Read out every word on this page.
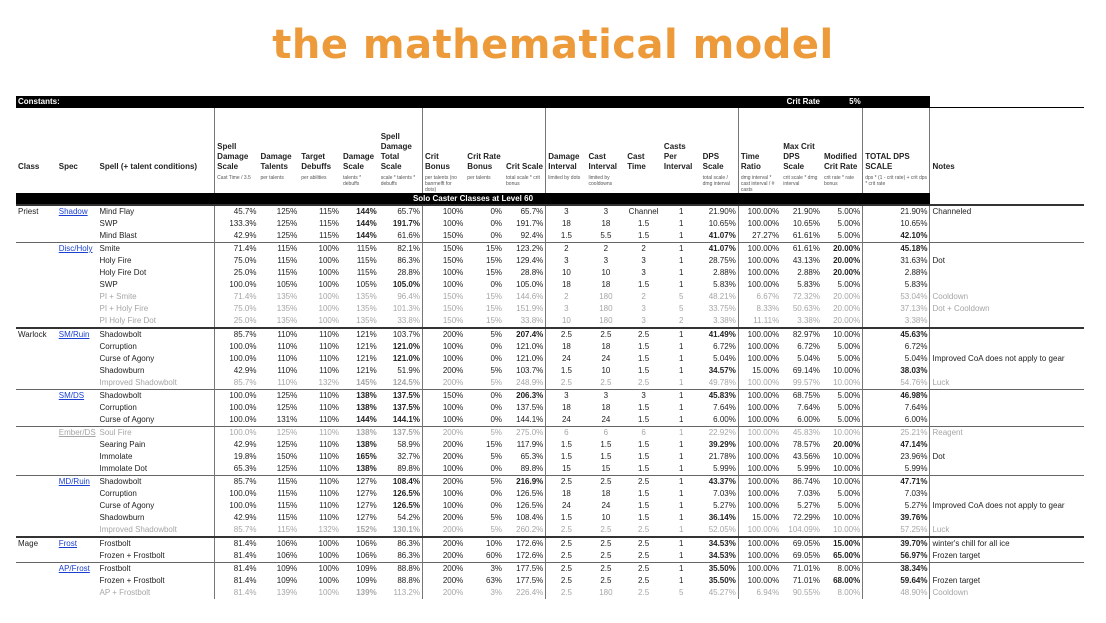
the mathematical model
Constants:																	Crit Rate	5%		
Class	Spec	Spell (+ talent conditions)	Spell Damage Scale	Damage Talents	Target Debuffs	Damage Scale	Spell Damage Total Scale	Crit Bonus	Crit Rate Bonus	Crit Scale	Damage Interval	Cast Interval	Cast Time	Casts Per Interval	DPS Scale	Time Ratio	Max Crit DPS Scale	Modified Crit Rate	TOTAL DPS SCALE	Notes
			Cast Time / 3.5	per talents	per abilities	talents * debuffs	scale * talents * debuffs	per talents (no banrnelft for dots)	per talents	total scale * crit bonus	limited by dots	limited by cooldowns			total scale / dmg interval	dmg interval * cast interval / # casts	crit scale * dmg interval	crit rate * rate bonus	dps * (1 - crit rate) + crit dps * crit rate	
Solo Caster Classes at Level 60																				
Priest	Shadow	Mind Flay	45.7%	125%	115%	144%	65.7%	100%	0%	65.7%	3	3	Channel	1	21.90%	100.00%	21.90%	5.00%	21.90%	Channeled
		SWP	133.3%	125%	115%	144%	191.7%	100%	0%	191.7%	18	18	1.5	1	10.65%	100.00%	10.65%	5.00%	10.65%	
		Mind Blast	42.9%	125%	115%	144%	61.6%	150%	0%	92.4%	1.5	5.5	1.5	1	41.07%	27.27%	61.61%	5.00%	42.10%	
	Disc/Holy	Smite	71.4%	115%	100%	115%	82.1%	150%	15%	123.2%	2	2	2	1	41.07%	100.00%	61.61%	20.00%	45.18%	
		Holy Fire	75.0%	115%	100%	115%	86.3%	150%	15%	129.4%	3	3	3	1	28.75%	100.00%	43.13%	20.00%	31.63%	Dot
		Holy Fire Dot	25.0%	115%	100%	115%	28.8%	100%	15%	28.8%	10	10	3	1	2.88%	100.00%	2.88%	20.00%	2.88%	
		SWP	100.0%	105%	100%	105%	105.0%	100%	0%	105.0%	18	18	1.5	1	5.83%	100.00%	5.83%	5.00%	5.83%	
		PI + Smite	71.4%	135%	100%	135%	96.4%	150%	15%	144.6%	2	180	2	5	48.21%	6.67%	72.32%	20.00%	53.04%	Cooldown
		PI + Holy Fire	75.0%	135%	100%	135%	101.3%	150%	15%	151.9%	3	180	3	5	33.75%	8.33%	50.63%	20.00%	37.13%	Dot + Cooldown
		PI Holy Fire Dot	25.0%	135%	100%	135%	33.8%	150%	15%	33.8%	10	180	3	2	3.38%	11.11%	3.38%	20.00%	3.38%	
Warlock	SM/Ruin	Shadowbolt	85.7%	110%	110%	121%	103.7%	200%	5%	207.4%	2.5	2.5	2.5	1	41.49%	100.00%	82.97%	10.00%	45.63%	
		Corruption	100.0%	110%	110%	121%	121.0%	100%	0%	121.0%	18	18	1.5	1	6.72%	100.00%	6.72%	5.00%	6.72%	
		Curse of Agony	100.0%	110%	110%	121%	121.0%	100%	0%	121.0%	24	24	1.5	1	5.04%	100.00%	5.04%	5.00%	5.04%	Improved CoA does not apply to gear
		Shadowburn	42.9%	110%	110%	121%	51.9%	200%	5%	103.7%	1.5	10	1.5	1	34.57%	15.00%	69.14%	10.00%	38.03%	
		Improved Shadowbolt	85.7%	110%	132%	145%	124.5%	200%	5%	248.9%	2.5	2.5	2.5	1	49.78%	100.00%	99.57%	10.00%	54.76%	Luck
	SM/DS	Shadowbolt	100.0%	125%	110%	138%	137.5%	150%	0%	206.3%	3	3	3	1	45.83%	100.00%	68.75%	5.00%	46.98%	
		Corruption	100.0%	125%	110%	138%	137.5%	100%	0%	137.5%	18	18	1.5	1	7.64%	100.00%	7.64%	5.00%	7.64%	
		Curse of Agony	100.0%	131%	110%	144%	144.1%	100%	0%	144.1%	24	24	1.5	1	6.00%	100.00%	6.00%	5.00%	6.00%	
	Ember/DS	Soul Fire	100.0%	125%	110%	138%	137.5%	200%	5%	275.0%	6	6	6	1	22.92%	100.00%	45.83%	10.00%	25.21%	Reagent
		Searing Pain	42.9%	125%	110%	138%	58.9%	200%	15%	117.9%	1.5	1.5	1.5	1	39.29%	100.00%	78.57%	20.00%	47.14%	
		Immolate	19.8%	150%	110%	165%	32.7%	200%	5%	65.3%	1.5	1.5	1.5	1	21.78%	100.00%	43.56%	10.00%	23.96%	Dot
		Immolate Dot	65.3%	125%	110%	138%	89.8%	100%	0%	89.8%	15	15	1.5	1	5.99%	100.00%	5.99%	10.00%	5.99%	
	MD/Ruin	Shadowbolt	85.7%	115%	110%	127%	108.4%	200%	5%	216.9%	2.5	2.5	2.5	1	43.37%	100.00%	86.74%	10.00%	47.71%	
		Corruption	100.0%	115%	110%	127%	126.5%	100%	0%	126.5%	18	18	1.5	1	7.03%	100.00%	7.03%	5.00%	7.03%	
		Curse of Agony	100.0%	115%	110%	127%	126.5%	100%	0%	126.5%	24	24	1.5	1	5.27%	100.00%	5.27%	5.00%	5.27%	Improved CoA does not apply to gear
		Shadowburn	42.9%	115%	110%	127%	54.2%	200%	5%	108.4%	1.5	10	1.5	1	36.14%	15.00%	72.29%	10.00%	39.76%	
		Improved Shadowbolt	85.7%	115%	132%	152%	130.1%	200%	5%	260.2%	2.5	2.5	2.5	1	52.05%	100.00%	104.09%	10.00%	57.25%	Luck
Mage	Frost	Frostbolt	81.4%	106%	100%	106%	86.3%	200%	10%	172.6%	2.5	2.5	2.5	1	34.53%	100.00%	69.05%	15.00%	39.70%	winter's chill for all ice
		Frozen + Frostbolt	81.4%	106%	100%	106%	86.3%	200%	60%	172.6%	2.5	2.5	2.5	1	34.53%	100.00%	69.05%	65.00%	56.97%	Frozen target
	AP/Frost	Frostbolt	81.4%	109%	100%	109%	88.8%	200%	3%	177.5%	2.5	2.5	2.5	1	35.50%	100.00%	71.01%	8.00%	38.34%	
		Frozen + Frostbolt	81.4%	109%	100%	109%	88.8%	200%	63%	177.5%	2.5	2.5	2.5	1	35.50%	100.00%	71.01%	68.00%	59.64%	Frozen target
		AP + Frostbolt	81.4%	139%	100%	139%	113.2%	200%	3%	226.4%	2.5	180	2.5	5	45.27%	6.94%	90.55%	8.00%	48.90%	Cooldown
